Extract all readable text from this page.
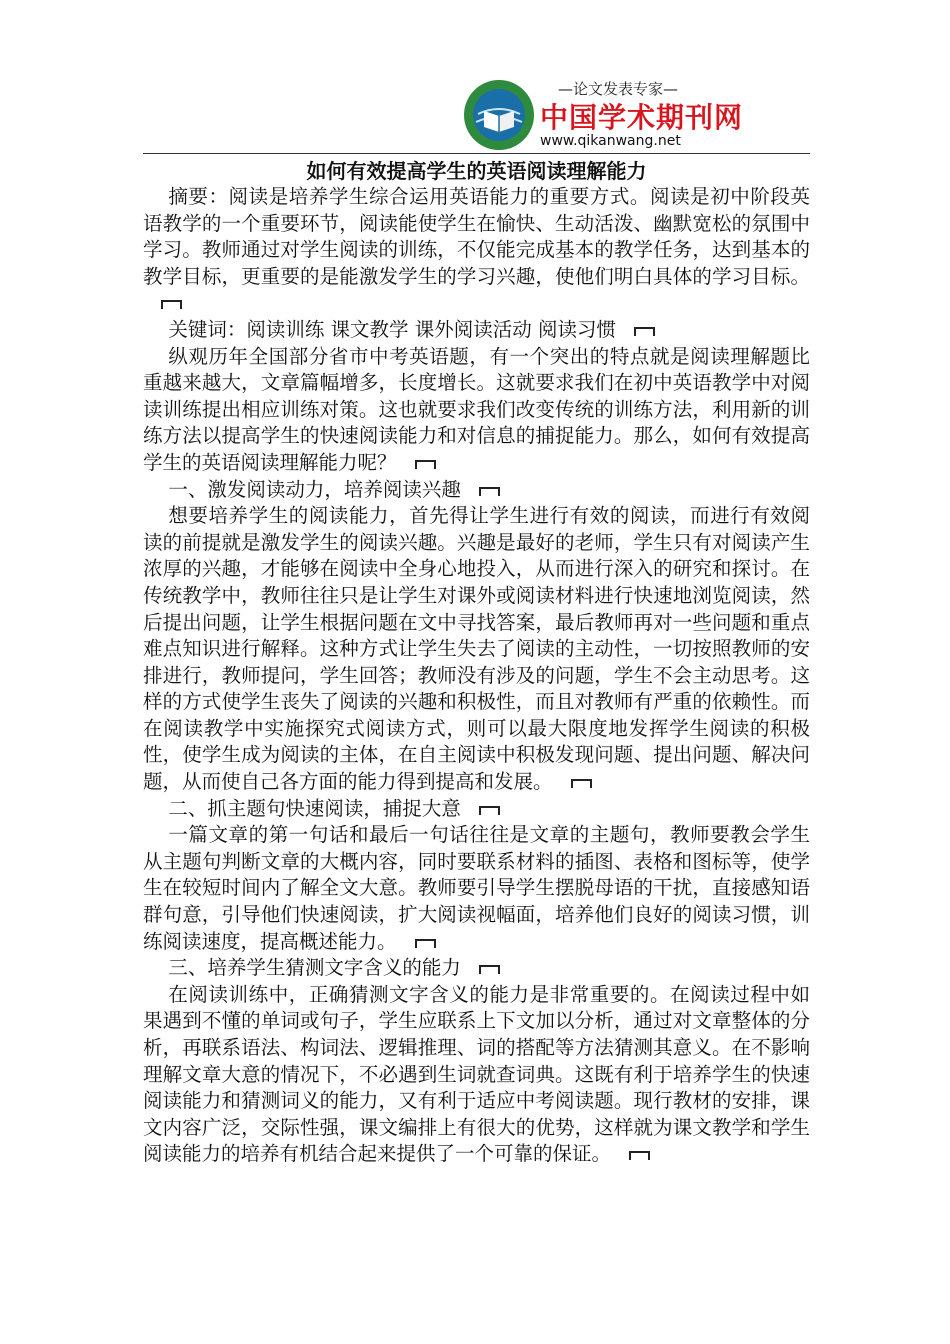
—论文发表专家—
中国学术期刊网
www.qikanwang.net
如何有效提高学生的英语阅读理解能力

摘要：阅读是培养学生综合运用英语能力的重要方式。阅读是初中阶段英语教学的一个重要环节，阅读能使学生在愉快、生动活泼、幽默宽松的氛围中学习。教师通过对学生阅读的训练，不仅能完成基本的教学任务，达到基本的教学目标，更重要的是能激发学生的学习兴趣，使他们明白具体的学习目标。

关键词：阅读训练 课文教学 课外阅读活动 阅读习惯

纵观历年全国部分省市中考英语题，有一个突出的特点就是阅读理解题比重越来越大，文章篇幅增多，长度增长。这就要求我们在初中英语教学中对阅读训练提出相应训练对策。这也就要求我们改变传统的训练方法，利用新的训练方法以提高学生的快速阅读能力和对信息的捕捉能力。那么，如何有效提高学生的英语阅读理解能力呢？

一、激发阅读动力，培养阅读兴趣

想要培养学生的阅读能力，首先得让学生进行有效的阅读，而进行有效阅读的前提就是激发学生的阅读兴趣。兴趣是最好的老师，学生只有对阅读产生浓厚的兴趣，才能够在阅读中全身心地投入，从而进行深入的研究和探讨。在传统教学中，教师往往只是让学生对课外或阅读材料进行快速地浏览阅读，然后提出问题，让学生根据问题在文中寻找答案，最后教师再对一些问题和重点难点知识进行解释。这种方式让学生失去了阅读的主动性，一切按照教师的安排进行，教师提问，学生回答；教师没有涉及的问题，学生不会主动思考。这样的方式使学生丧失了阅读的兴趣和积极性，而且对教师有严重的依赖性。而在阅读教学中实施探究式阅读方式，则可以最大限度地发挥学生阅读的积极性，使学生成为阅读的主体，在自主阅读中积极发现问题、提出问题、解决问题，从而使自己各方面的能力得到提高和发展。

二、抓主题句快速阅读，捕捉大意

一篇文章的第一句话和最后一句话往往是文章的主题句，教师要教会学生从主题句判断文章的大概内容，同时要联系材料的插图、表格和图标等，使学生在较短时间内了解全文大意。教师要引导学生摆脱母语的干扰，直接感知语群句意，引导他们快速阅读，扩大阅读视幅面，培养他们良好的阅读习惯，训练阅读速度，提高概述能力。

三、培养学生猜测文字含义的能力

在阅读训练中，正确猜测文字含义的能力是非常重要的。在阅读过程中如果遇到不懂的单词或句子，学生应联系上下文加以分析，通过对文章整体的分析，再联系语法、构词法、逻辑推理、词的搭配等方法猜测其意义。在不影响理解文章大意的情况下，不必遇到生词就查词典。这既有利于培养学生的快速阅读能力和猜测词义的能力，又有利于适应中考阅读题。现行教材的安排，课文内容广泛，交际性强，课文编排上有很大的优势，这样就为课文教学和学生阅读能力的培养有机结合起来提供了一个可靠的保证。
